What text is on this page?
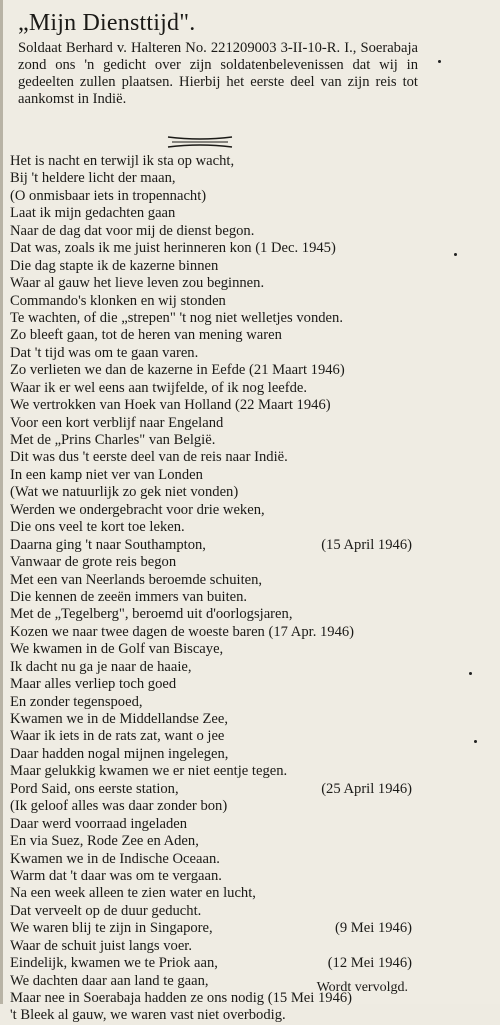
„Mijn Diensttijd".
Soldaat Berhard v. Halteren No. 221209003 3-II-10-R. I., Soerabaja zond ons 'n gedicht over zijn soldatenbelevenissen dat wij in gedeelten zullen plaatsen. Hierbij het eerste deel van zijn reis tot aankomst in Indië.
Het is nacht en terwijl ik sta op wacht,
Bij 't heldere licht der maan,
(O onmisbaar iets in tropennacht)
Laat ik mijn gedachten gaan
Naar de dag dat voor mij de dienst begon.
Dat was, zoals ik me juist herinneren kon (1 Dec. 1945)
Die dag stapte ik de kazerne binnen
Waar al gauw het lieve leven zou beginnen.
Commando's klonken en wij stonden
Te wachten, of die „strepen" 't nog niet welletjes vonden.
Zo bleeft gaan, tot de heren van mening waren
Dat 't tijd was om te gaan varen.
Zo verlieten we dan de kazerne in Eefde (21 Maart 1946)
Waar ik er wel eens aan twijfelde, of ik nog leefde.
We vertrokken van Hoek van Holland (22 Maart 1946)
Voor een kort verblijf naar Engeland
Met de „Prins Charles" van België.
Dit was dus 't eerste deel van de reis naar Indië.
In een kamp niet ver van Londen
(Wat we natuurlijk zo gek niet vonden)
Werden we ondergebracht voor drie weken,
Die ons veel te kort toe leken.
Daarna ging 't naar Southampton,	(15 April 1946)
Vanwaar de grote reis begon
Met een van Neerlands beroemde schuiten,
Die kennen de zeeën immers van buiten.
Met de „Tegelberg", beroemd uit d'oorlogsjaren,
Kozen we naar twee dagen de woeste baren (17 Apr. 1946)
We kwamen in de Golf van Biscaye,
Ik dacht nu ga je naar de haaie,
Maar alles verliep toch goed
En zonder tegenspoed,
Kwamen we in de Middellandse Zee,
Waar ik iets in de rats zat, want o jee
Daar hadden nogal mijnen ingelegen,
Maar gelukkig kwamen we er niet eentje tegen.
Pord Said, ons eerste station,	(25 April 1946)
(Ik geloof alles was daar zonder bon)
Daar werd voorraad ingeladen
En via Suez, Rode Zee en Aden,
Kwamen we in de Indische Oceaan.
Warm dat 't daar was om te vergaan.
Na een week alleen te zien water en lucht,
Dat verveelt op de duur geducht.
We waren blij te zijn in Singapore,	(9 Mei 1946)
Waar de schuit juist langs voer.
Eindelijk, kwamen we te Priok aan,	(12 Mei 1946)
We dachten daar aan land te gaan,
Maar nee in Soerabaja hadden ze ons nodig (15 Mei 1946)
't Bleek al gauw, we waren vast niet overbodig.
Wordt vervolgd.
